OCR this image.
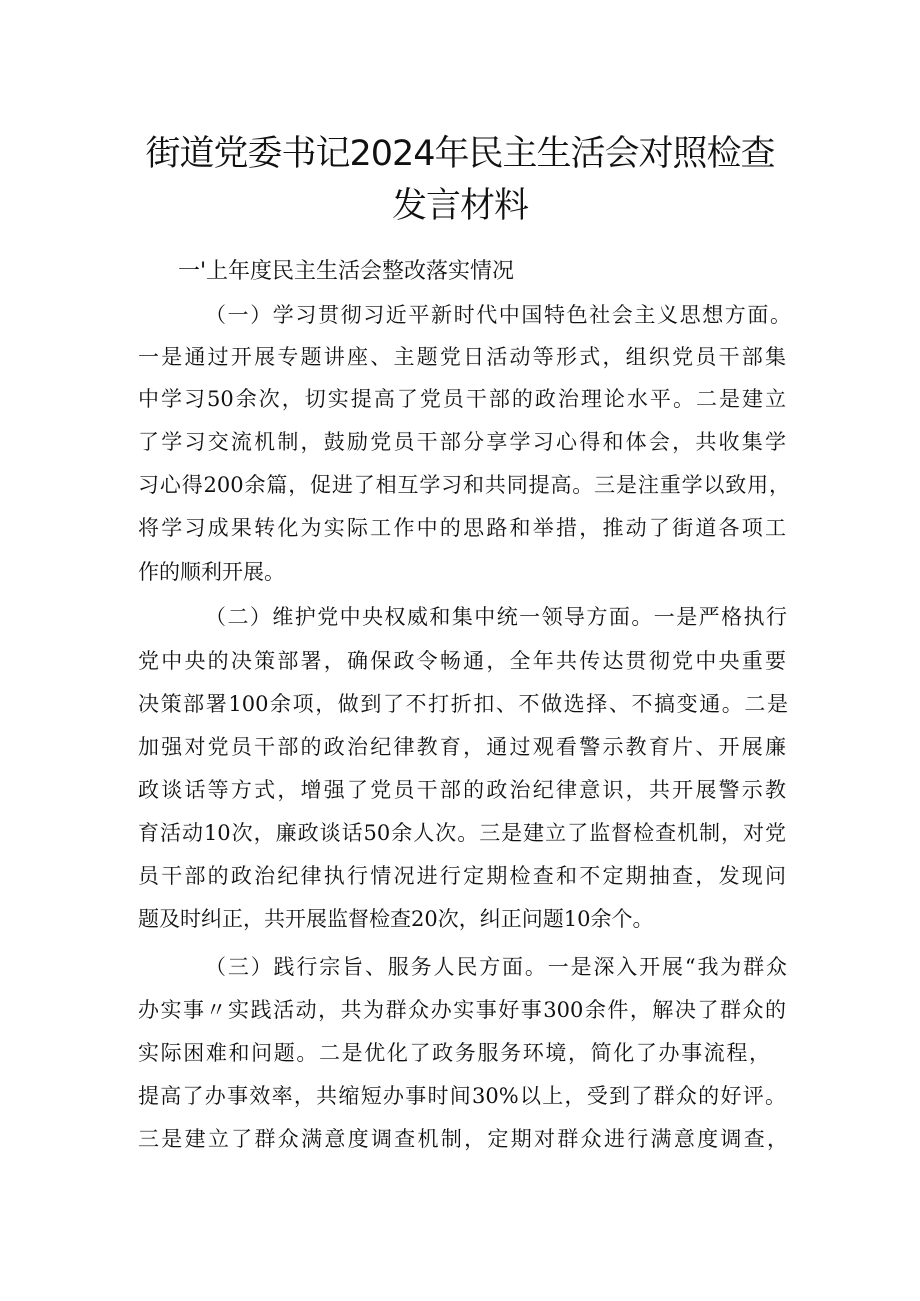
街道党委书记2024年民主生活会对照检查
发言材料
一'上年度民主生活会整改落实情况
（一）学习贯彻习近平新时代中国特色社会主义思想方面。
一是通过开展专题讲座、主题党日活动等形式，组织党员干部集
中学习50余次，切实提高了党员干部的政治理论水平。二是建立
了学习交流机制，鼓励党员干部分享学习心得和体会，共收集学
习心得200余篇，促进了相互学习和共同提高。三是注重学以致用，
将学习成果转化为实际工作中的思路和举措，推动了街道各项工
作的顺利开展。
（二）维护党中央权威和集中统一领导方面。一是严格执行
党中央的决策部署，确保政令畅通，全年共传达贯彻党中央重要
决策部署100余项，做到了不打折扣、不做选择、不搞变通。二是
加强对党员干部的政治纪律教育，通过观看警示教育片、开展廉
政谈话等方式，增强了党员干部的政治纪律意识，共开展警示教
育活动10次，廉政谈话50余人次。三是建立了监督检查机制，对党
员干部的政治纪律执行情况进行定期检查和不定期抽查，发现问
题及时纠正，共开展监督检查20次，纠正问题10余个。
（三）践行宗旨、服务人民方面。一是深入开展“我为群众
办实事〃实践活动，共为群众办实事好事300余件，解决了群众的
实际困难和问题。二是优化了政务服务环境，简化了办事流程，
提高了办事效率，共缩短办事时间30%以上，受到了群众的好评。
三是建立了群众满意度调查机制，定期对群众进行满意度调查，
